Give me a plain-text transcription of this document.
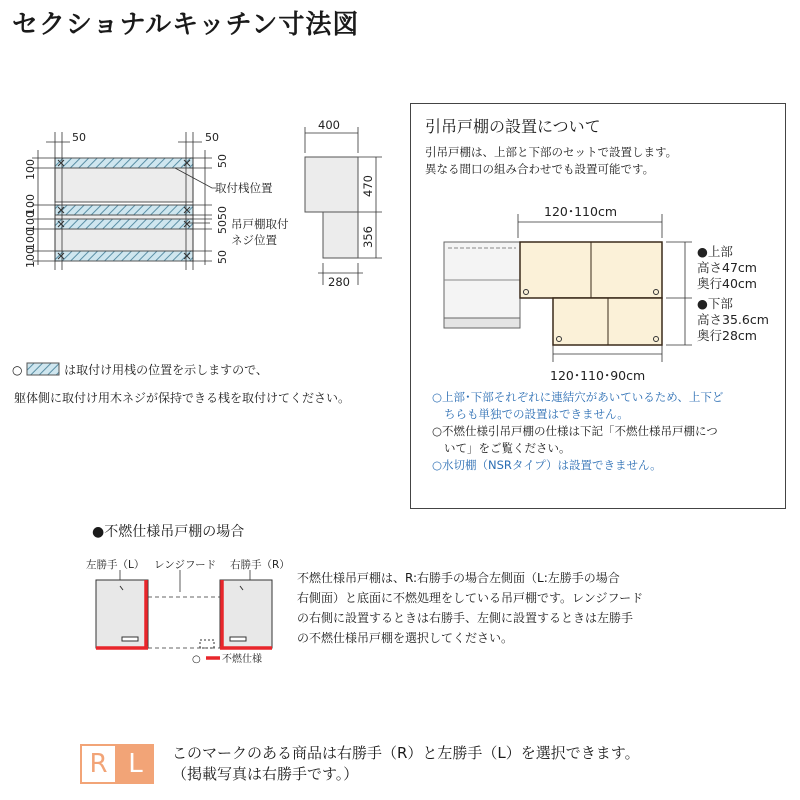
セクショナルキッチン寸法図
50	50
100
100
100
100
100
50
50
50
50
取付桟位置
吊戸棚取付
ネジ位置
400
470
356
280
○	は取付け用桟の位置を示しますので、
躯体側に取付け用木ネジが保持できる桟を取付けてください。
引吊戸棚の設置について
引吊戸棚は、上部と下部のセットで設置します。
異なる間口の組み合わせでも設置可能です。
120･110cm
120･110･90cm
●上部
高さ47cm
奥行40cm
●下部
高さ35.6cm
奥行28cm
○上部･下部それぞれに連結穴があいているため、上下ど
ちらも単独での設置はできません。
○不燃仕様引吊戸棚の仕様は下記「不燃仕様吊戸棚につ
いて」をご覧ください。
○水切棚（NSRタイプ）は設置できません。
●不燃仕様吊戸棚の場合
左勝手（L） レンジフード 右勝手（R）
○ 不燃仕様
不燃仕様吊戸棚は、R:右勝手の場合左側面（L:左勝手の場合
右側面）と底面に不燃処理をしている吊戸棚です。レンジフード
の右側に設置するときは右勝手、左側に設置するときは左勝手
の不燃仕様吊戸棚を選択してください。
R L	このマークのある商品は右勝手（R）と左勝手（L）を選択できます。
（掲載写真は右勝手です。）
